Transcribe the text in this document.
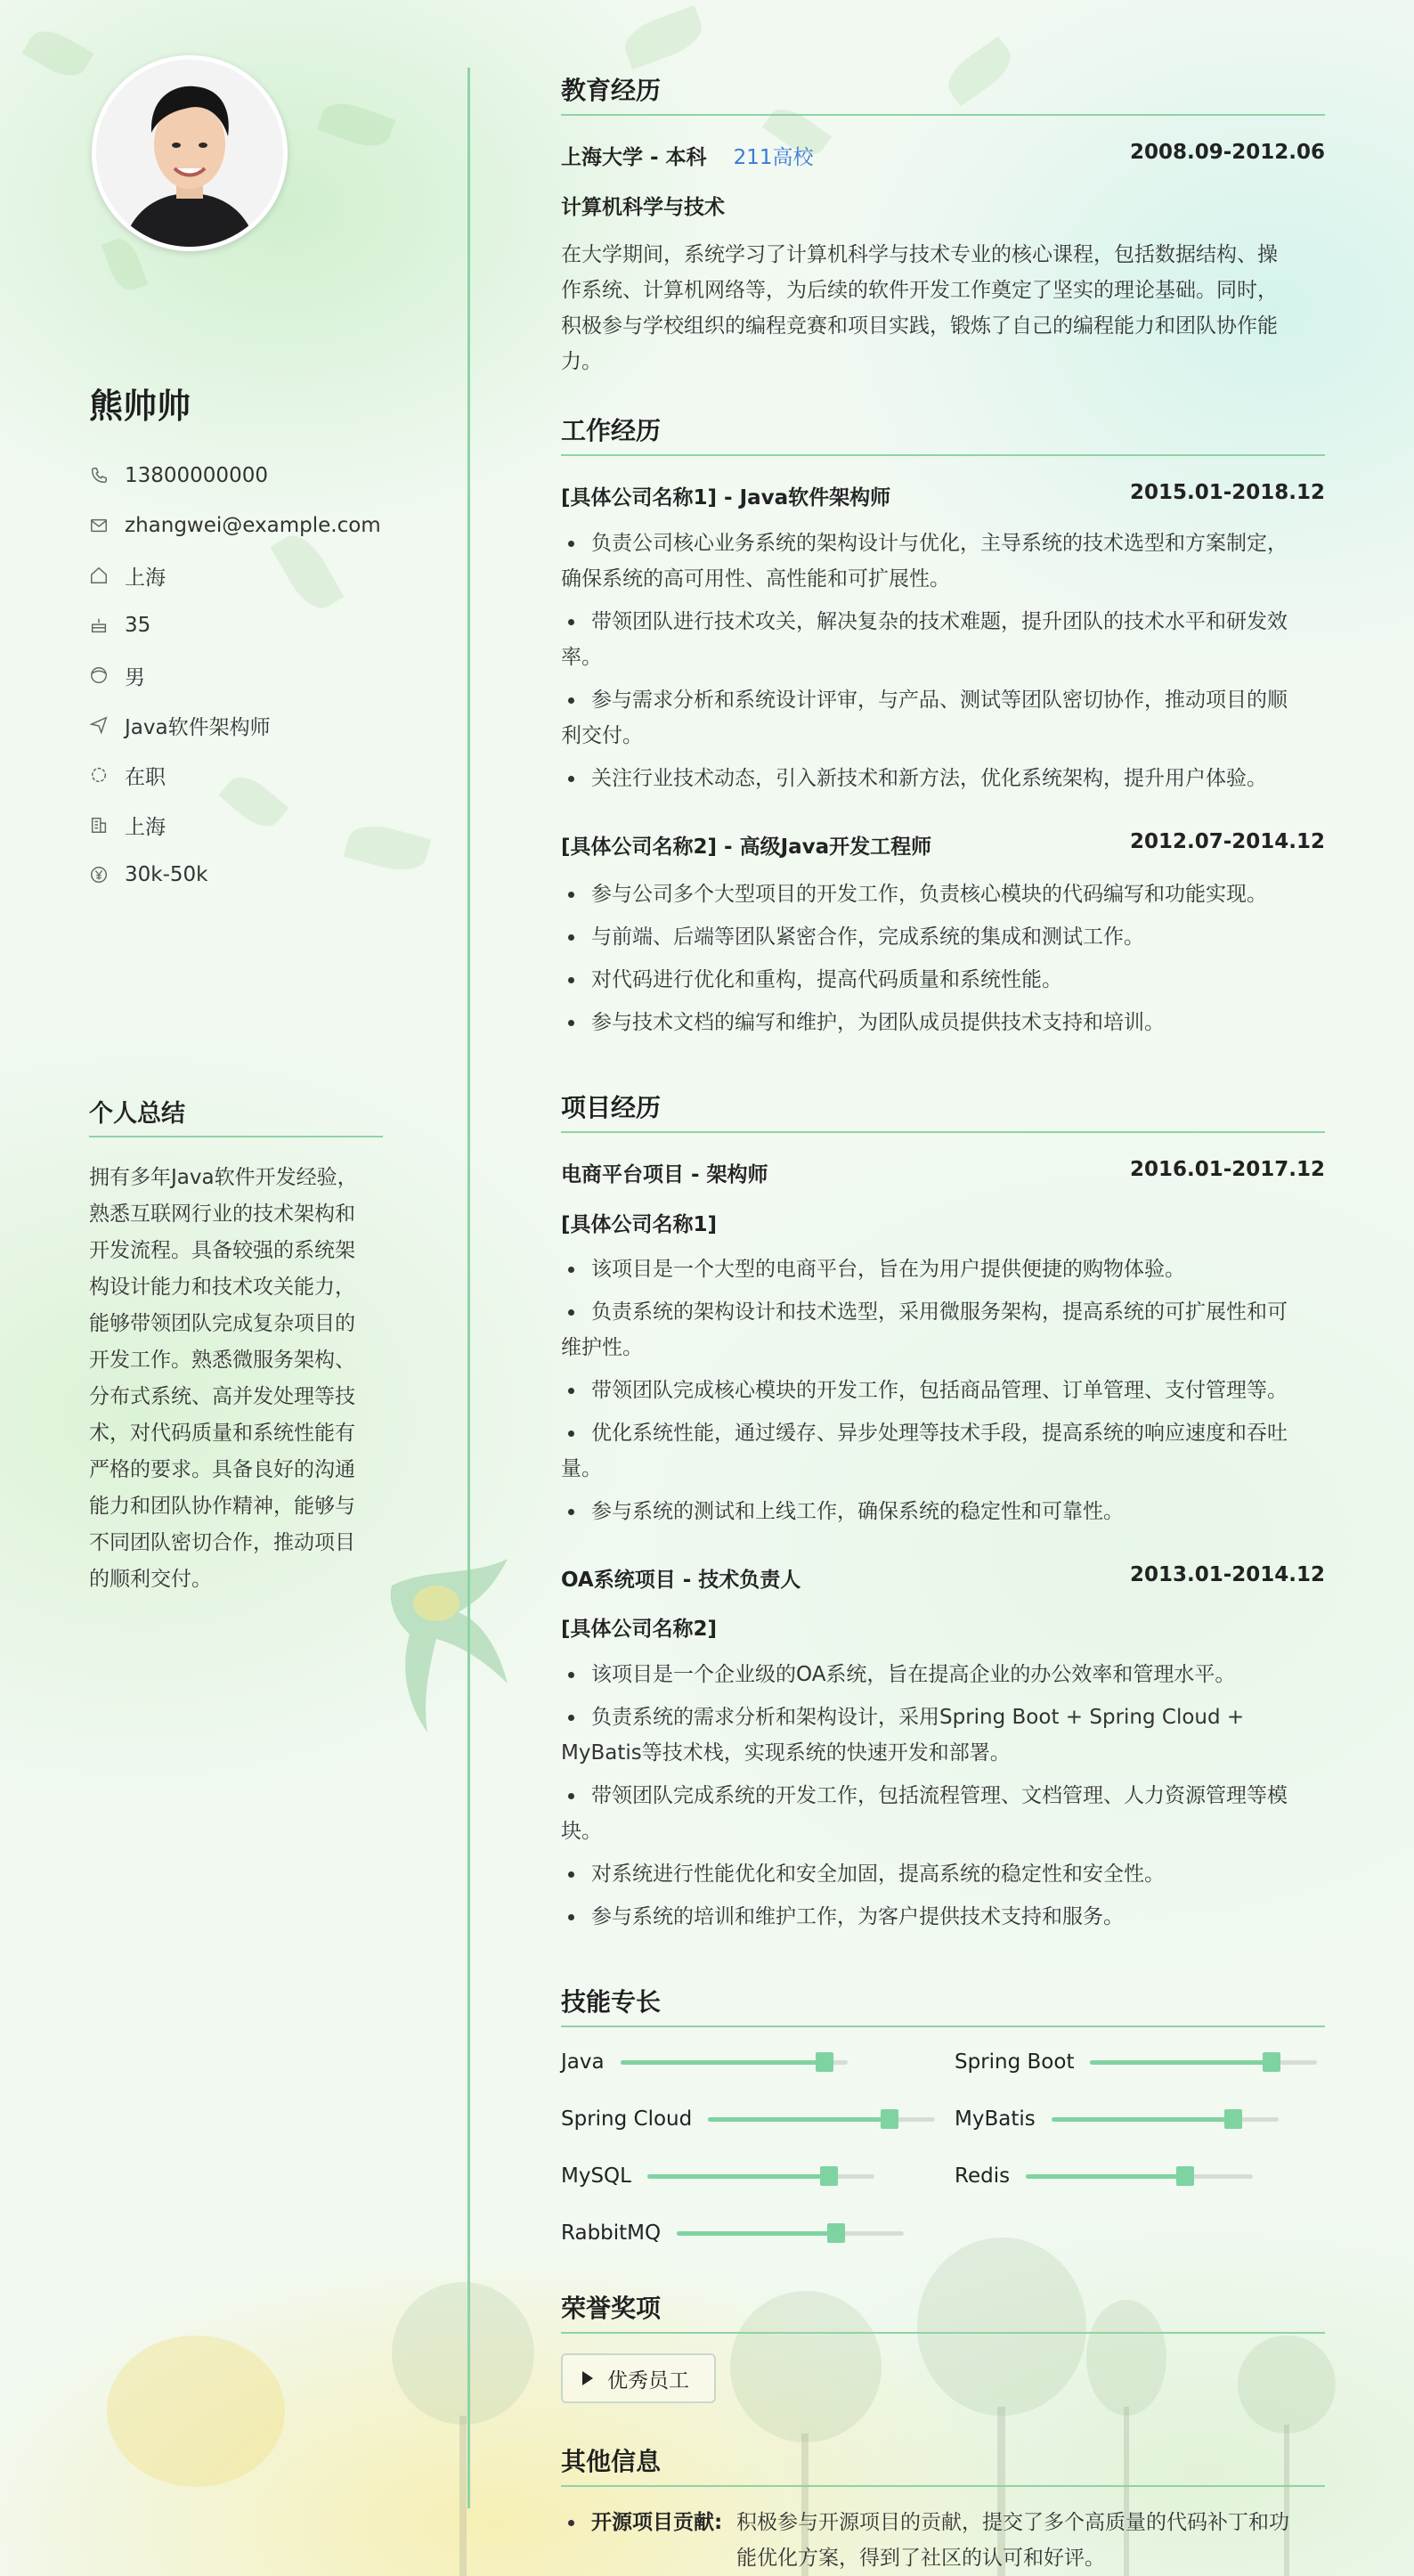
熊帅帅
13800000000
zhangwei@example.com
上海
35
男
Java软件架构师
在职
上海
30k-50k
个人总结
拥有多年Java软件开发经验，
熟悉互联网行业的技术架构和
开发流程。具备较强的系统架
构设计能力和技术攻关能力，
能够带领团队完成复杂项目的
开发工作。熟悉微服务架构、
分布式系统、高并发处理等技
术，对代码质量和系统性能有
严格的要求。具备良好的沟通
能力和团队协作精神，能够与
不同团队密切合作，推动项目
的顺利交付。
教育经历
上海大学 - 本科 211高校	2008.09-2012.06
计算机科学与技术
在大学期间，系统学习了计算机科学与技术专业的核心课程，包括数据结构、操
作系统、计算机网络等，为后续的软件开发工作奠定了坚实的理论基础。同时，
积极参与学校组织的编程竞赛和项目实践，锻炼了自己的编程能力和团队协作能
力。
工作经历
[具体公司名称1] - Java软件架构师	2015.01-2018.12
负责公司核心业务系统的架构设计与优化，主导系统的技术选型和方案制定，
确保系统的高可用性、高性能和可扩展性。
带领团队进行技术攻关，解决复杂的技术难题，提升团队的技术水平和研发效
率。
参与需求分析和系统设计评审，与产品、测试等团队密切协作，推动项目的顺
利交付。
关注行业技术动态，引入新技术和新方法，优化系统架构，提升用户体验。
[具体公司名称2] - 高级Java开发工程师	2012.07-2014.12
参与公司多个大型项目的开发工作，负责核心模块的代码编写和功能实现。
与前端、后端等团队紧密合作，完成系统的集成和测试工作。
对代码进行优化和重构，提高代码质量和系统性能。
参与技术文档的编写和维护，为团队成员提供技术支持和培训。
项目经历
电商平台项目 - 架构师	2016.01-2017.12
[具体公司名称1]
该项目是一个大型的电商平台，旨在为用户提供便捷的购物体验。
负责系统的架构设计和技术选型，采用微服务架构，提高系统的可扩展性和可
维护性。
带领团队完成核心模块的开发工作，包括商品管理、订单管理、支付管理等。
优化系统性能，通过缓存、异步处理等技术手段，提高系统的响应速度和吞吐
量。
参与系统的测试和上线工作，确保系统的稳定性和可靠性。
OA系统项目 - 技术负责人	2013.01-2014.12
[具体公司名称2]
该项目是一个企业级的OA系统，旨在提高企业的办公效率和管理水平。
负责系统的需求分析和架构设计，采用Spring Boot + Spring Cloud +
MyBatis等技术栈，实现系统的快速开发和部署。
带领团队完成系统的开发工作，包括流程管理、文档管理、人力资源管理等模
块。
对系统进行性能优化和安全加固，提高系统的稳定性和安全性。
参与系统的培训和维护工作，为客户提供技术支持和服务。
技能专长
Java	Spring Boot
Spring Cloud	MyBatis
MySQL	Redis
RabbitMQ
荣誉奖项
优秀员工
其他信息
开源项目贡献: 积极参与开源项目的贡献，提交了多个高质量的代码补丁和功
能优化方案，得到了社区的认可和好评。
